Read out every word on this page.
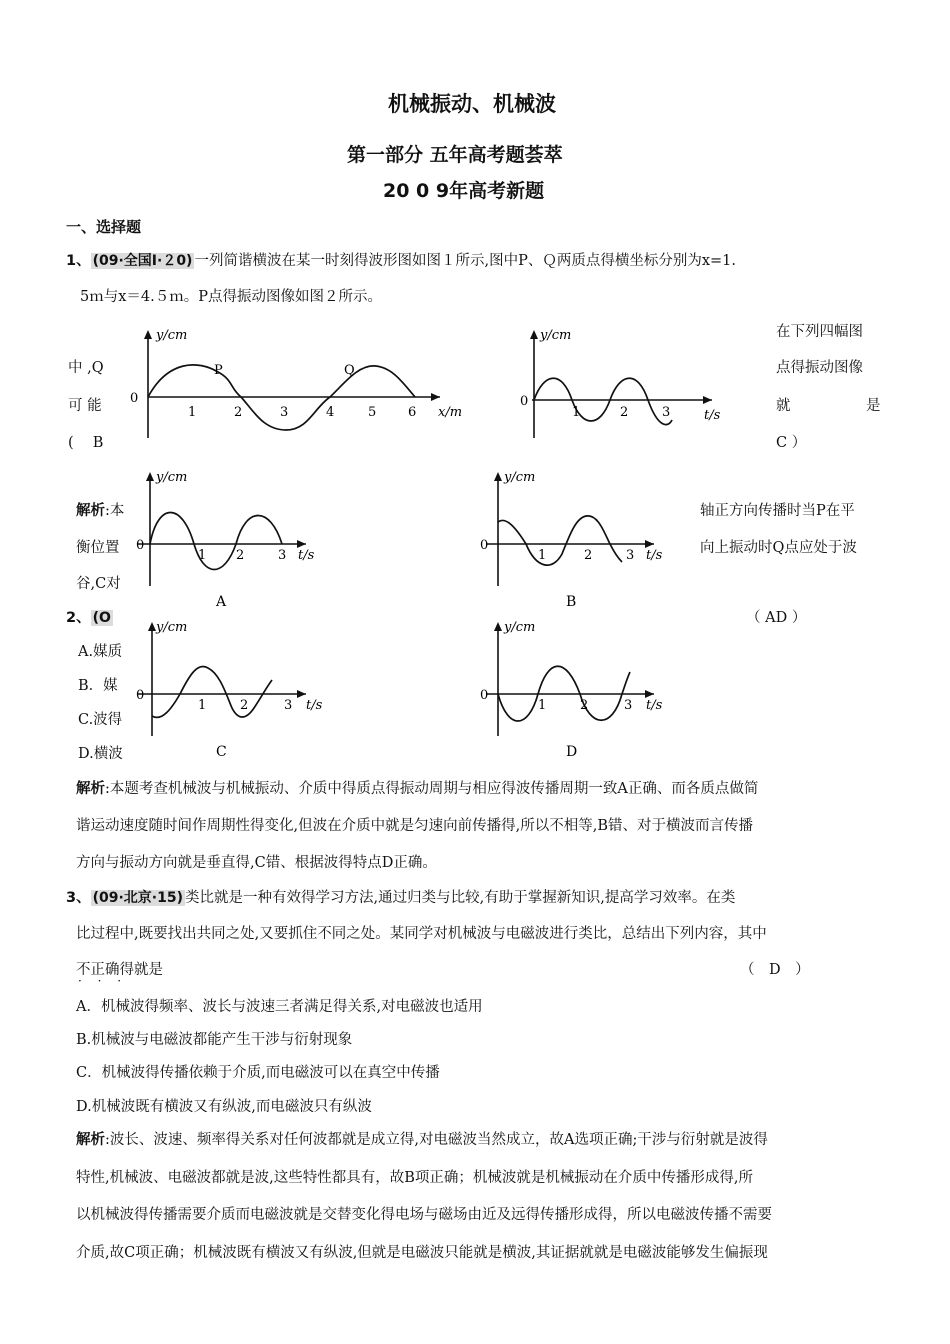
机械振动、机械波
第一部分 五年高考题荟萃
20 0 9年高考新题
一、选择题
1、 (09·全国Ⅰ·２0) 一列简谐横波在某一时刻得波形图如图１所示,图中P、Ｑ两质点得横坐标分别为x=1.
5ｍ与x＝4.５ｍ。P点得振动图像如图２所示。
在下列四幅图
中 ,Q	点得振动图像
可 能	就	是
(　 B	C ）
解析:本	轴正方向传播时当P在平
衡位置	向上振动时Q点应处于波
谷,C对
2、 (O	（ AD ）
A.媒质
B．媒
C.波得
D.横波
解析:本题考查机械波与机械振动、介质中得质点得振动周期与相应得波传播周期一致A正确、而各质点做简
谐运动速度随时间作周期性得变化,但波在介质中就是匀速向前传播得,所以不相等,B错、对于横波而言传播
方向与振动方向就是垂直得,C错、根据波得特点D正确。
3、 (09·北京·15) 类比就是一种有效得学习方法,通过归类与比较,有助于掌握新知识,提高学习效率。在类
比过程中,既要找出共同之处,又要抓住不同之处。某同学对机械波与电磁波进行类比，总结出下列内容，其中
不正确得就是
· · ·
（　D　）
A．机械波得频率、波长与波速三者满足得关系,对电磁波也适用
B.机械波与电磁波都能产生干涉与衍射现象
C．机械波得传播依赖于介质,而电磁波可以在真空中传播
D.机械波既有横波又有纵波,而电磁波只有纵波
解析:波长、波速、频率得关系对任何波都就是成立得,对电磁波当然成立，故A选项正确;干涉与衍射就是波得
特性,机械波、电磁波都就是波,这些特性都具有，故B项正确；机械波就是机械振动在介质中传播形成得,所
以机械波得传播需要介质而电磁波就是交替变化得电场与磁场由近及远得传播形成得，所以电磁波传播不需要
介质,故C项正确；机械波既有横波又有纵波,但就是电磁波只能就是横波,其证据就就是电磁波能够发生偏振现
y/cm
x/m
0
1	2	3	4	5 6
P	Q
y/cm
t/s
0
1	2	3
y/cm
t/s
0
1 2	3
A
y/cm
t/s
0
1	2	3
B
y/cm
t/s
0
1	2	3
C
y/cm
t/s
0
1	2	3
D
